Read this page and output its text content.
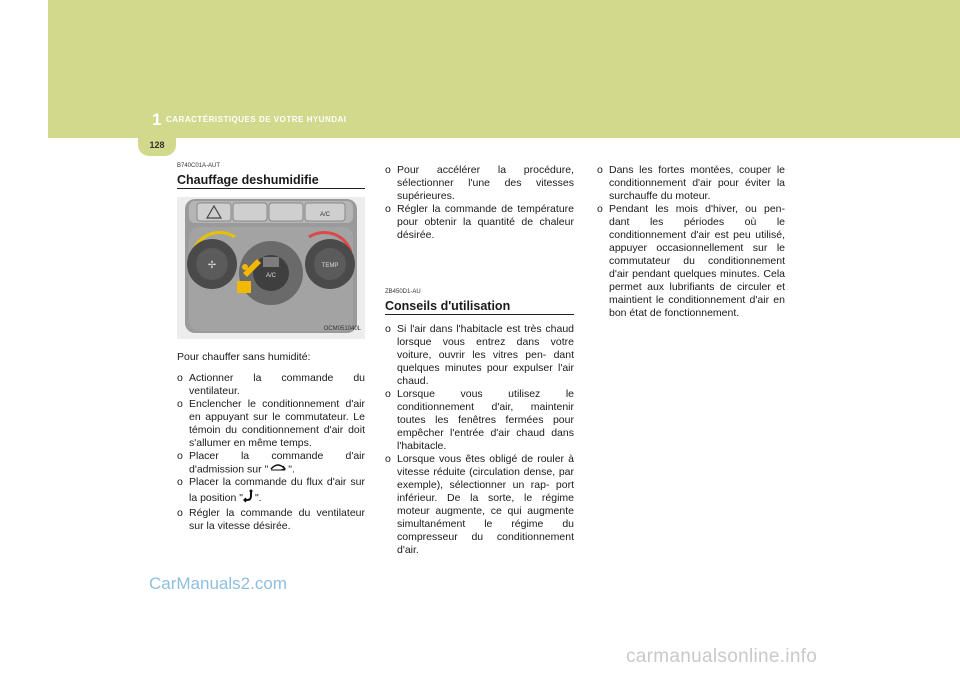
1 CARACTÉRISTIQUES DE VOTRE HYUNDAI
128

B740C01A-AUT

Chauffage deshumidifie
A/C
✢	TEMP
A/C
OCM051040L

Pour chauffer sans humidité:

o Actionner la commande du ventilateur.
o Enclencher le conditionnement d'air en appuyant sur le commutateur. Le témoin du conditionnement d'air doit s'allumer en même temps.
o Placer la commande d'air d'admission sur " ".
o Placer la commande du flux d'air sur la position " ".
o Régler la commande du ventilateur sur la vitesse désirée.
o Pour accélérer la procédure, sélectionner l'une des vitesses supérieures.
o Régler la commande de température pour obtenir la quantité de chaleur désirée.

ZB450D1-AU

Conseils d'utilisation
o Si l'air dans l'habitacle est très chaud lorsque vous entrez dans votre voiture, ouvrir les vitres pen- dant quelques minutes pour expulser l'air chaud.
o Lorsque vous utilisez le conditionnement d'air, maintenir toutes les fenêtres fermées pour empêcher l'entrée d'air chaud dans l'habitacle.
o Lorsque vous êtes obligé de rouler à vitesse réduite (circulation dense, par exemple), sélectionner un rap- port inférieur. De la sorte, le régime moteur augmente, ce qui augmente simultanément le régime du compresseur du conditionnement d'air.
o Dans les fortes montées, couper le conditionnement d'air pour éviter la surchauffe du moteur.
o Pendant les mois d'hiver, ou pen- dant les périodes où le conditionnement d'air est peu utilisé, appuyer occasionnellement sur le commutateur du conditionnement d'air pendant quelques minutes. Cela permet aux lubrifiants de circuler et maintient le conditionnement d'air en bon état de fonctionnement.
CarManuals2.com
carmanualsonline.info
